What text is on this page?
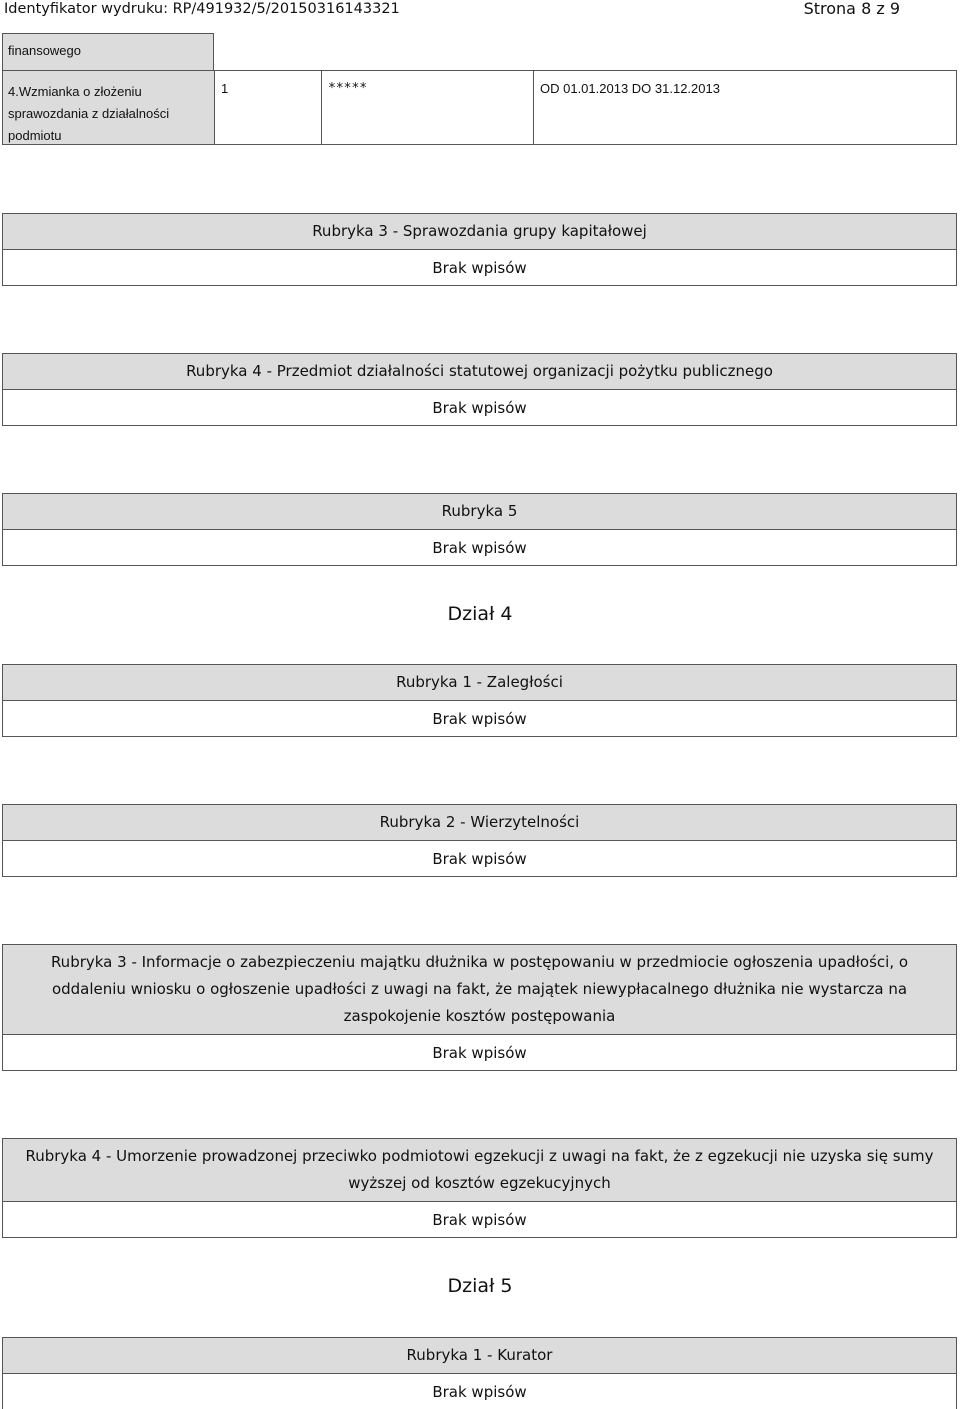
Identyfikator wydruku: RP/491932/5/20150316143321	Strona 8 z 9
finansowego
4.Wzmianka o złożeniu sprawozdania z działalności podmiotu
1	*****	OD 01.01.2013 DO 31.12.2013
Rubryka 3 - Sprawozdania grupy kapitałowej
Brak wpisów
Rubryka 4 - Przedmiot działalności statutowej organizacji pożytku publicznego
Brak wpisów
Rubryka 5
Brak wpisów
Dział 4
Rubryka 1 - Zaległości
Brak wpisów
Rubryka 2 - Wierzytelności
Brak wpisów
Rubryka 3 - Informacje o zabezpieczeniu majątku dłużnika w postępowaniu w przedmiocie ogłoszenia upadłości, o oddaleniu wniosku o ogłoszenie upadłości z uwagi na fakt, że majątek niewypłacalnego dłużnika nie wystarcza na zaspokojenie kosztów postępowania
Brak wpisów
Rubryka 4 - Umorzenie prowadzonej przeciwko podmiotowi egzekucji z uwagi na fakt, że z egzekucji nie uzyska się sumy wyższej od kosztów egzekucyjnych
Brak wpisów
Dział 5
Rubryka 1 - Kurator
Brak wpisów
